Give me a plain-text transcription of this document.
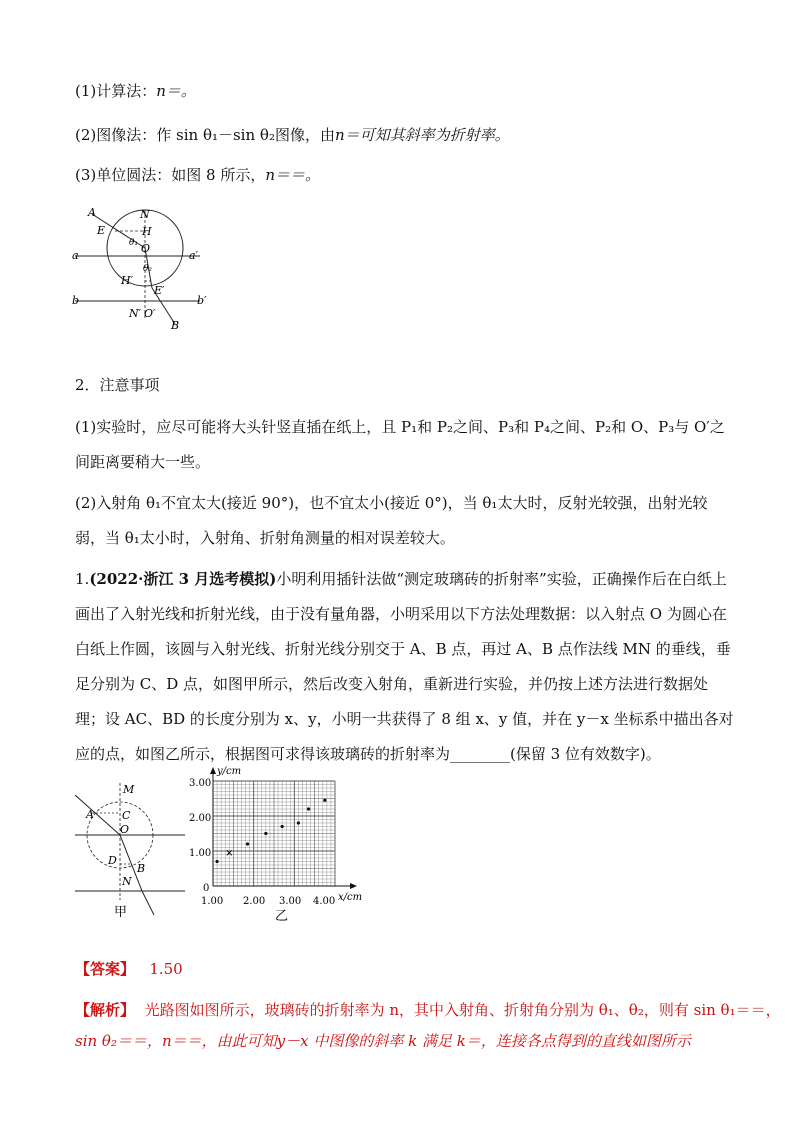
(1)计算法：n＝。
(2)图像法：作 sin θ₁－sin θ₂图像，由n＝可知其斜率为折射率。
(3)单位圆法：如图 8 所示，n＝＝。
A	N
E	H
θ₁ O
a	a′
θ₂
H′
E′
b	b′
N′ O′
B
2．注意事项
(1)实验时，应尽可能将大头针竖直插在纸上，且 P₁和 P₂之间、P₃和 P₄之间、P₂和 O、P₃与 O′之间距离要稍大一些。
(2)入射角 θ₁不宜太大(接近 90°)，也不宜太小(接近 0°)，当 θ₁太大时，反射光较强，出射光较弱，当 θ₁太小时，入射角、折射角测量的相对误差较大。
1.(2022·浙江 3 月选考模拟)小明利用插针法做“测定玻璃砖的折射率”实验，正确操作后在白纸上画出了入射光线和折射光线，由于没有量角器，小明采用以下方法处理数据：以入射点 O 为圆心在白纸上作圆，该圆与入射光线、折射光线分别交于 A、B 点，再过 A、B 点作法线 MN 的垂线，垂足分别为 C、D 点，如图甲所示，然后改变入射角，重新进行实验，并仍按上述方法进行数据处理；设 AC、BD 的长度分别为 x、y，小明一共获得了 8 组 x、y 值，并在 y－x 坐标系中描出各对应的点，如图乙所示，根据图可求得该玻璃砖的折射率为________(保留 3 位有效数字)。
M
A	C
O
D
B
N
甲
y/cm
x/cm
3.00
2.00
1.00
0
1.00 2.00 3.00 4.00
乙
【答案】 1.50
【解析】 光路图如图所示，玻璃砖的折射率为 n，其中入射角、折射角分别为 θ₁、θ₂，则有 sin θ₁＝＝，
sin θ₂＝＝，n＝＝，由此可知y－x 中图像的斜率 k 满足 k＝，连接各点得到的直线如图所示
